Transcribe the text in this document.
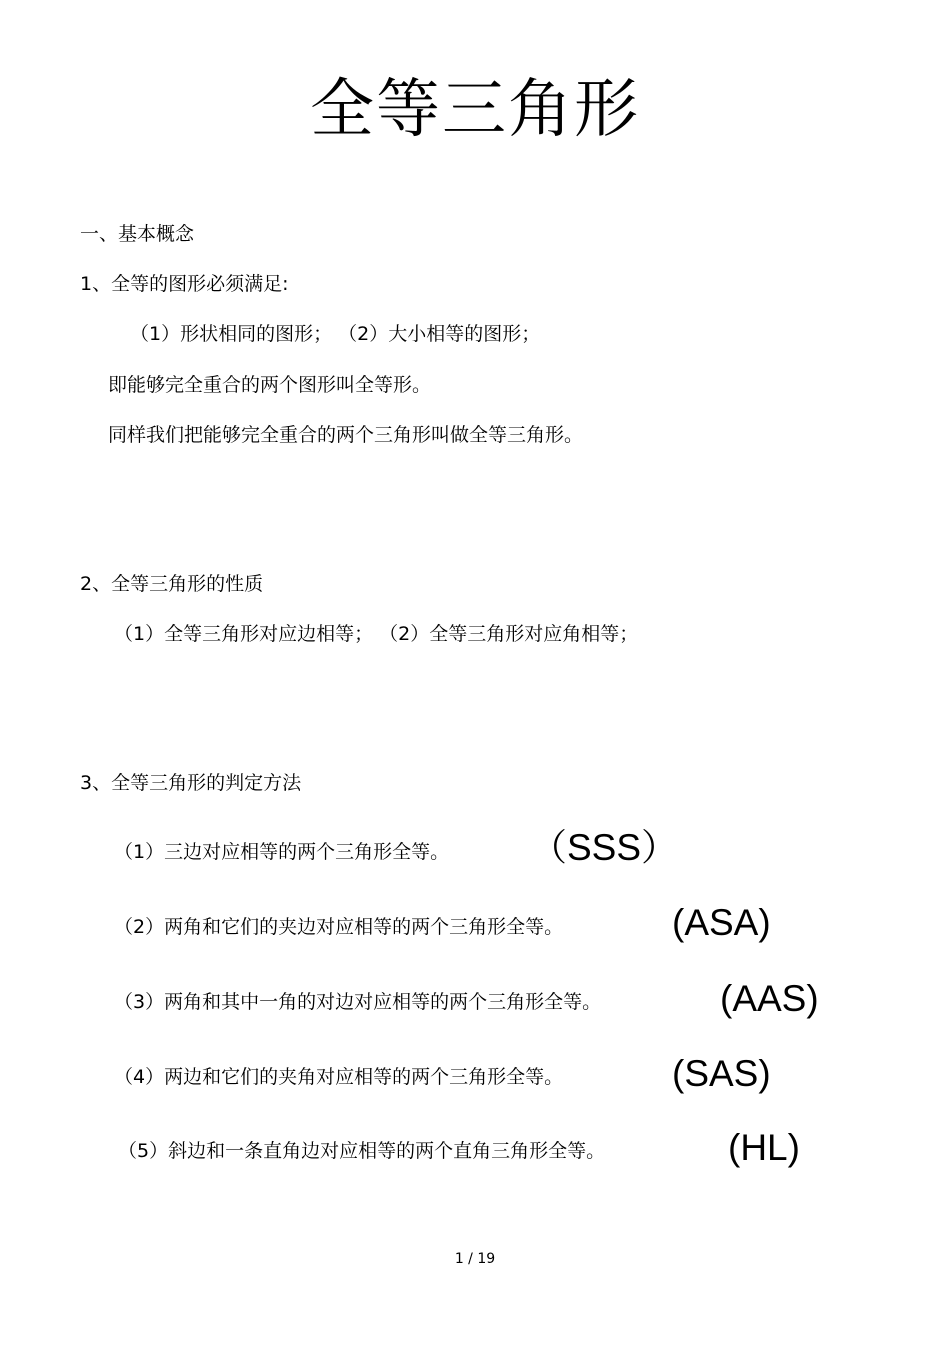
全等三角形
一、基本概念
1、全等的图形必须满足:
（1）形状相同的图形； （2）大小相等的图形；
即能够完全重合的两个图形叫全等形。
同样我们把能够完全重合的两个三角形叫做全等三角形。
2、全等三角形的性质
（1）全等三角形对应边相等； （2）全等三角形对应角相等；
3、全等三角形的判定方法
（1）三边对应相等的两个三角形全等。 （SSS）
（2）两角和它们的夹边对应相等的两个三角形全等。	(ASA)
（3）两角和其中一角的对边对应相等的两个三角形全等。	(AAS)
（4）两边和它们的夹角对应相等的两个三角形全等。	(SAS)
（5）斜边和一条直角边对应相等的两个直角三角形全等。	(HL)
1 / 19
